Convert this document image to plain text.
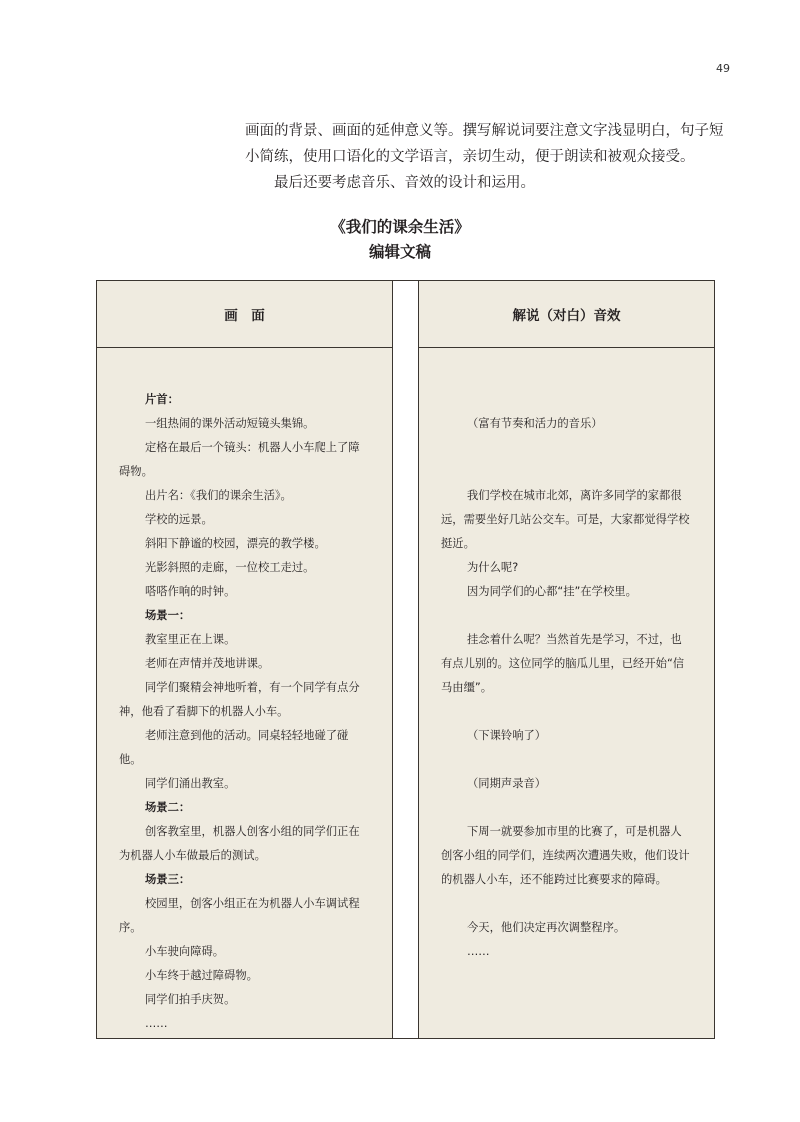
49

画面的背景、画面的延伸意义等。撰写解说词要注意文字浅显明白，句子短小简练，使用口语化的文学语言，亲切生动，便于朗读和被观众接受。

最后还要考虑音乐、音效的设计和运用。

《我们的课余生活》
编辑文稿
画　面
片首：
一组热闹的课外活动短镜头集锦。
定格在最后一个镜头：机器人小车爬上了障碍物。
出片名：《我们的课余生活》。
学校的远景。
斜阳下静谧的校园，漂亮的教学楼。
光影斜照的走廊，一位校工走过。
嗒嗒作响的时钟。
场景一：
教室里正在上课。
老师在声情并茂地讲课。
同学们聚精会神地听着，有一个同学有点分神，他看了看脚下的机器人小车。
老师注意到他的活动。同桌轻轻地碰了碰他。
同学们涌出教室。
场景二：
创客教室里，机器人创客小组的同学们正在为机器人小车做最后的测试。
场景三：
校园里，创客小组正在为机器人小车调试程序。
小车驶向障碍。
小车终于越过障碍物。
同学们拍手庆贺。
……
解说（对白）音效
（富有节奏和活力的音乐）
我们学校在城市北郊，离许多同学的家都很远，需要坐好几站公交车。可是，大家都觉得学校挺近。
为什么呢?
因为同学们的心都“挂”在学校里。
挂念着什么呢？当然首先是学习，不过，也有点儿别的。这位同学的脑瓜儿里，已经开始“信马由缰”。
（下课铃响了）
（同期声录音）
下周一就要参加市里的比赛了，可是机器人创客小组的同学们，连续两次遭遇失败，他们设计的机器人小车，还不能跨过比赛要求的障碍。
今天，他们决定再次调整程序。
……
